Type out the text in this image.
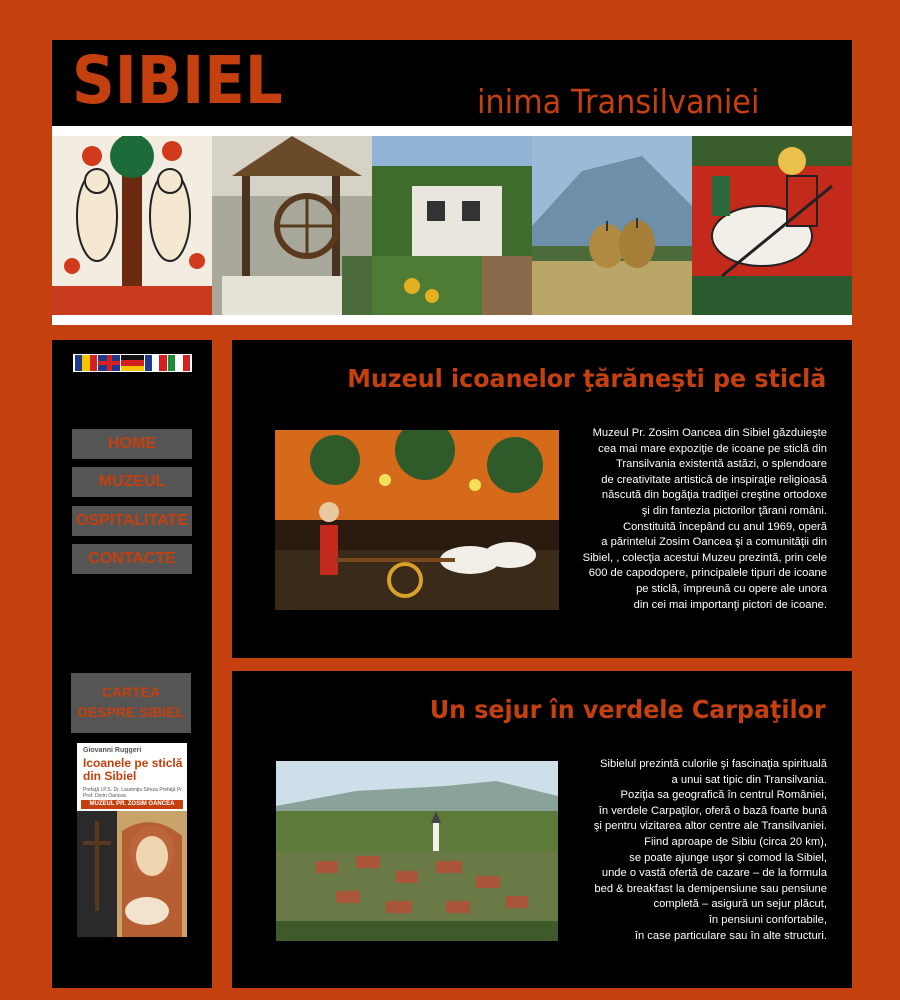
SIBIEL	inima Transilvaniei
HOME
MUZEUL
OSPITALITATE
CONTACTE
CARTEA
DESPRE SIBIEL
Giovanni Ruggeri
Icoanele pe sticlă din Sibiel
Prefaţă I.P.S. Dr. Laurenţiu Streza Prefaţă Pr. Prof. Dorin Oancea
MUZEUL PR. ZOSIM OANCEA
Muzeul icoanelor ţărăneşti pe sticlă
Muzeul Pr. Zosim Oancea din Sibiel găzduieşte
cea mai mare expoziţie de icoane pe sticlă din
Transilvania existentă astăzi, o splendoare
de creativitate artistică de inspiraţie religioasă
născută din bogăţia tradiţiei creştine ortodoxe
şi din fantezia pictorilor ţărani români.
Constituită începând cu anul 1969, operă
a părintelui Zosim Oancea şi a comunităţii din
Sibiel, , colecţia acestui Muzeu prezintă, prin cele
600 de capodopere, principalele tipuri de icoane
pe sticlă, împreună cu opere ale unora
din cei mai importanţi pictori de icoane.
Un sejur în verdele Carpaţilor
Sibielul prezintă culorile şi fascinaţia spirituală
a unui sat tipic din Transilvania.
Poziţia sa geografică în centrul României,
în verdele Carpaţilor, oferă o bază foarte bună
şi pentru vizitarea altor centre ale Transilvaniei.
Fiind aproape de Sibiu (circa 20 km),
se poate ajunge uşor şi comod la Sibiel,
unde o vastă ofertă de cazare – de la formula
bed & breakfast la demipensiune sau pensiune
completă – asigură un sejur plăcut,
în pensiuni confortabile,
în case particulare sau în alte structuri.
